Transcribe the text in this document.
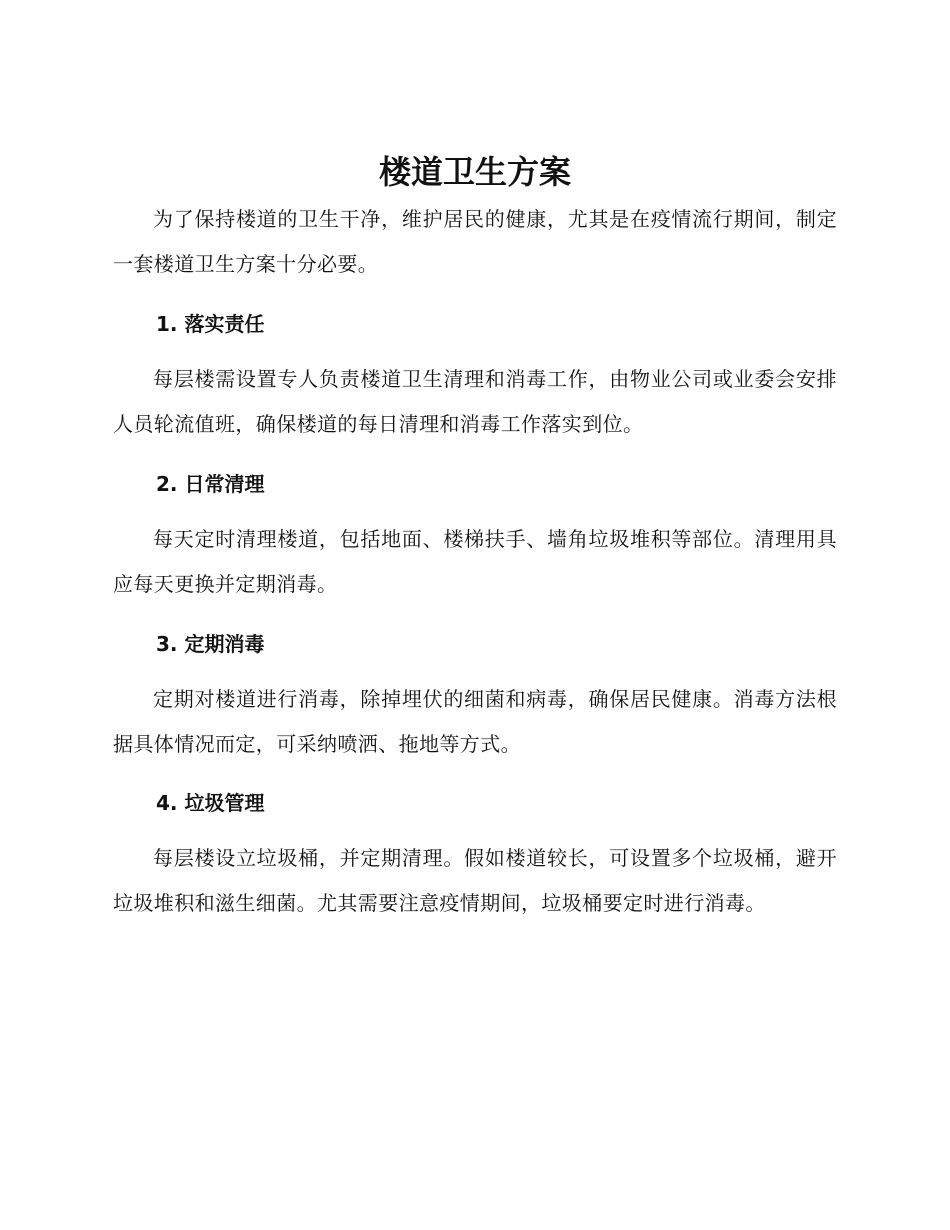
楼道卫生方案

为了保持楼道的卫生干净，维护居民的健康，尤其是在疫情流行期间，制定一套楼道卫生方案十分必要。

1. 落实责任

每层楼需设置专人负责楼道卫生清理和消毒工作，由物业公司或业委会安排人员轮流值班，确保楼道的每日清理和消毒工作落实到位。

2. 日常清理

每天定时清理楼道，包括地面、楼梯扶手、墙角垃圾堆积等部位。清理用具应每天更换并定期消毒。

3. 定期消毒

定期对楼道进行消毒，除掉埋伏的细菌和病毒，确保居民健康。消毒方法根据具体情况而定，可采纳喷洒、拖地等方式。

4. 垃圾管理

每层楼设立垃圾桶，并定期清理。假如楼道较长，可设置多个垃圾桶，避开垃圾堆积和滋生细菌。尤其需要注意疫情期间，垃圾桶要定时进行消毒。
